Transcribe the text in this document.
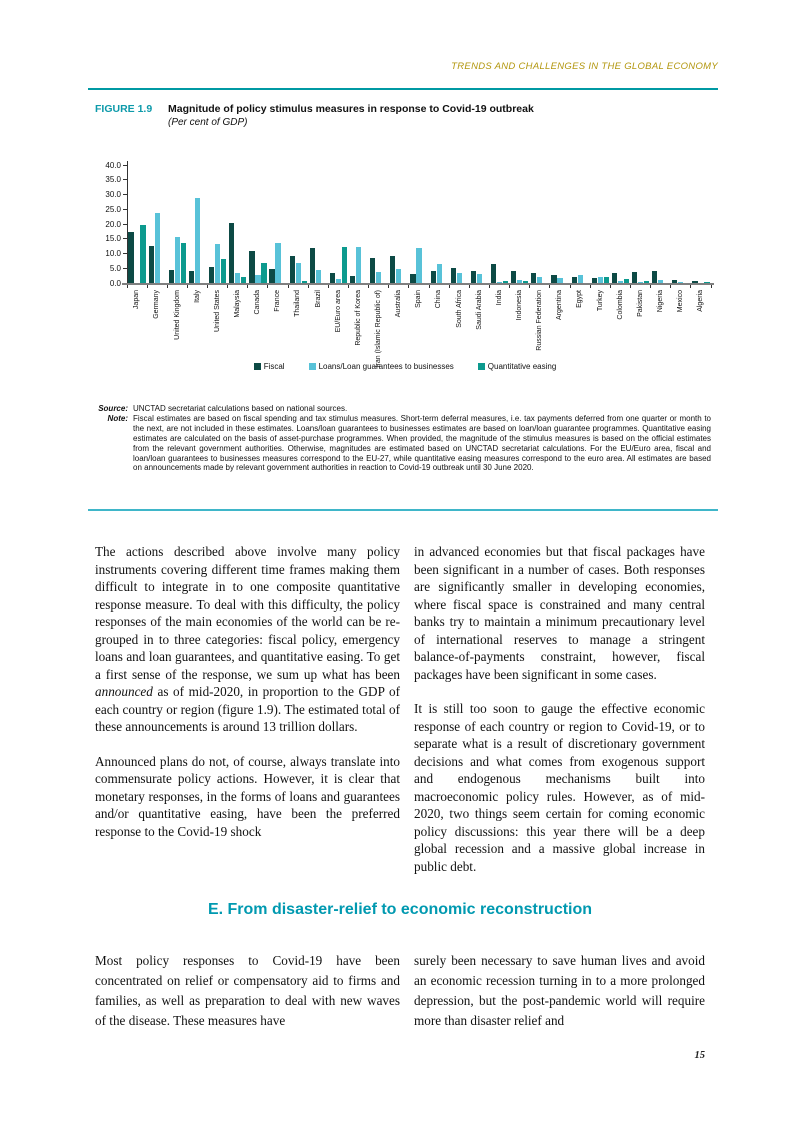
TRENDS AND CHALLENGES IN THE GLOBAL ECONOMY
FIGURE 1.9	Magnitude of policy stimulus measures in response to Covid-19 outbreak
(Per cent of GDP)
40.0
35.0
30.0
25.0
20.0
15.0
10.0
5.0
0.0
Japan Germany United Kingdom Italy United States Malaysia Canada France Thailand Brazil EU/Euro area Republic of Korea Iran (Islamic Republic of) Australia Spain China South Africa Saudi Arabia India Indonesia Russian Federation Argentina Egypt Turkey Colombia Pakistan Nigeria Mexico Algeria
Fiscal	Loans/Loan guarantees to businesses	Quantitative easing
Source: UNCTAD secretariat calculations based on national sources.
Note: Fiscal estimates are based on fiscal spending and tax stimulus measures. Short-term deferral measures, i.e. tax payments deferred from one quarter or month to the next, are not included in these estimates. Loans/loan guarantees to businesses estimates are based on loan/loan guarantee programmes. Quantitative easing estimates are calculated on the basis of asset-purchase programmes. When provided, the magnitude of the stimulus measures is based on the official estimates from the relevant government authorities. Otherwise, magnitudes are estimated based on UNCTAD secretariat calculations. For the EU/Euro area, fiscal and loan/loan guarantees to businesses measures correspond to the EU-27, while quantitative easing measures correspond to the euro area. All estimates are based on announcements made by relevant government authorities in reaction to Covid-19 outbreak until 30 June 2020.

The actions described above involve many policy instruments covering different time frames making them difficult to integrate in to one composite quantitative response measure. To deal with this difficulty, the policy responses of the main economies of the world can be re-grouped in to three categories: fiscal policy, emergency loans and loan guarantees, and quantitative easing. To get a first sense of the response, we sum up what has been announced as of mid-2020, in proportion to the GDP of each country or region (figure 1.9). The estimated total of these announcements is around 13 trillion dollars.

Announced plans do not, of course, always translate into commensurate policy actions. However, it is clear that monetary responses, in the forms of loans and guarantees and/or quantitative easing, have been the preferred response to the Covid-19 shock

in advanced economies but that fiscal packages have been significant in a number of cases. Both responses are significantly smaller in developing economies, where fiscal space is constrained and many central banks try to maintain a minimum precautionary level of international reserves to manage a stringent balance-of-payments constraint, however, fiscal packages have been significant in some cases.

It is still too soon to gauge the effective economic response of each country or region to Covid-19, or to separate what is a result of discretionary government decisions and what comes from exogenous support and endogenous mechanisms built into macroeconomic policy rules. However, as of mid-2020, two things seem certain for coming economic policy discussions: this year there will be a deep global recession and a massive global increase in public debt.

E. From disaster-relief to economic reconstruction

Most policy responses to Covid-19 have been concentrated on relief or compensatory aid to firms and families, as well as preparation to deal with new waves of the disease. These measures have

surely been necessary to save human lives and avoid an economic recession turning in to a more prolonged depression, but the post-pandemic world will require more than disaster relief and

15
